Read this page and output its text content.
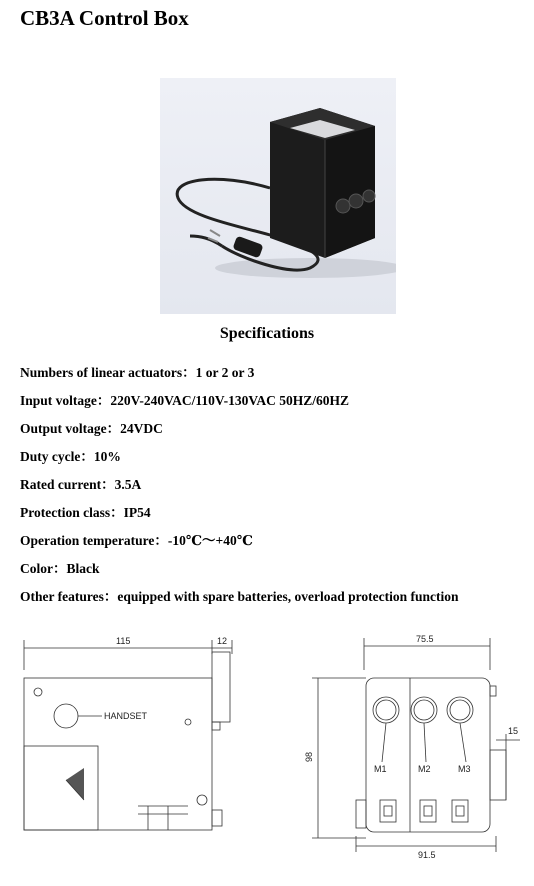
CB3A Control Box
Specifications
Numbers of linear actuators：1 or 2 or 3
Input voltage：220V-240VAC/110V-130VAC 50HZ/60HZ
Output voltage：24VDC
Duty cycle：10%
Rated current：3.5A
Protection class：IP54
Operation temperature：-10℃～+40℃
Color：Black
Other features：equipped with spare batteries, overload protection function
115	12
HANDSET
75.5
98
91.5
15
M1	M2	M3
